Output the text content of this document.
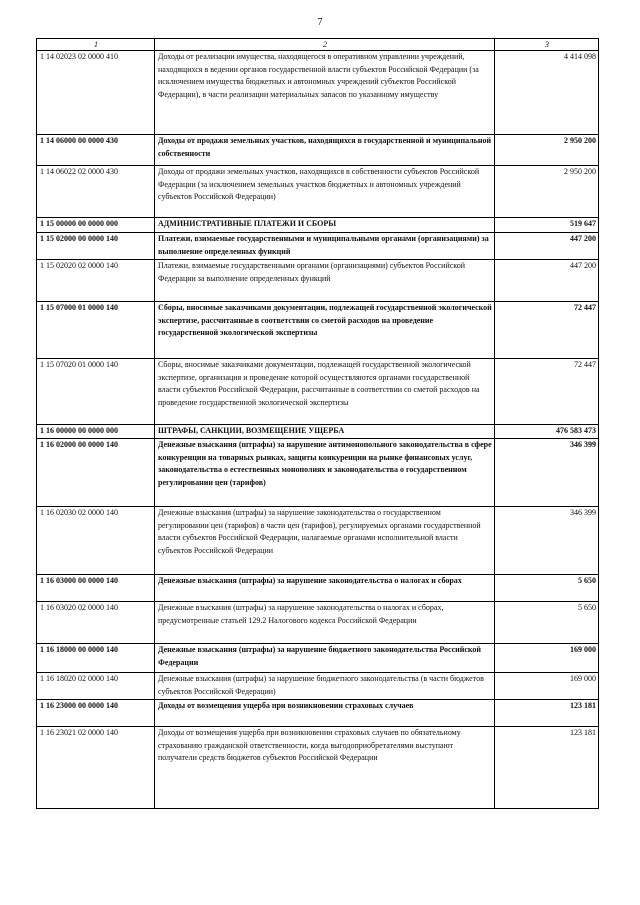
7
1	2	3
1 14 02023 02 0000 410	Доходы от реализации имущества, находящегося в оперативном управлении учреждений, находящихся в ведении органов государственной власти субъектов Российской Федерации (за исключением имущества бюджетных и автономных учреждений субъектов Российской Федерации), в части реализации материальных запасов по указанному имуществу	4 414 098
1 14 06000 00 0000 430	Доходы от продажи земельных участков, находящихся в государственной и муниципальной собственности	2 950 200
1 14 06022 02 0000 430	Доходы от продажи земельных участков, находящихся в собственности субъектов Российской Федерации (за исключением земельных участков бюджетных и автономных учреждений субъектов Российской Федерации)	2 950 200
1 15 00000 00 0000 000	АДМИНИСТРАТИВНЫЕ ПЛАТЕЖИ И СБОРЫ	519 647
1 15 02000 00 0000 140	Платежи, взимаемые государственными и муниципальными органами (организациями) за выполнение определенных функций	447 200
1 15 02020 02 0000 140	Платежи, взимаемые государственными органами (организациями) субъектов Российской Федерации за выполнение определенных функций	447 200
1 15 07000 01 0000 140	Сборы, вносимые заказчиками документации, подлежащей государственной экологической экспертизе, рассчитанные в соответствии со сметой расходов на проведение государственной экологической экспертизы	72 447
1 15 07020 01 0000 140	Сборы, вносимые заказчиками документации, подлежащей государственной экологической экспертизе, организация и проведение которой осуществляются органами государственной власти субъектов Российской Федерации, рассчитанные в соответствии со сметой расходов на проведение государственной экологической экспертизы	72 447
1 16 00000 00 0000 000	ШТРАФЫ, САНКЦИИ, ВОЗМЕЩЕНИЕ УЩЕРБА	476 583 473
1 16 02000 00 0000 140	Денежные взыскания (штрафы) за нарушение антимонопольного законодательства в сфере конкуренции на товарных рынках, защиты конкуренции на рынке финансовых услуг, законодательства о естественных монополиях и законодательства о государственном регулировании цен (тарифов)	346 399
1 16 02030 02 0000 140	Денежные взыскания (штрафы) за нарушение законодательства о государственном регулировании цен (тарифов) в части цен (тарифов), регулируемых органами государственной власти субъектов Российской Федерации, налагаемые органами исполнительной власти субъектов Российской Федерации	346 399
1 16 03000 00 0000 140	Денежные взыскания (штрафы) за нарушение законодательства о налогах и сборах	5 650
1 16 03020 02 0000 140	Денежные взыскания (штрафы) за нарушение законодательства о налогах и сборах, предусмотренные статьей 129.2 Налогового кодекса Российской Федерации	5 650
1 16 18000 00 0000 140	Денежные взыскания (штрафы) за нарушение бюджетного законодательства Российской Федерации	169 000
1 16 18020 02 0000 140	Денежные взыскания (штрафы) за нарушение бюджетного законодательства (в части бюджетов субъектов Российской Федерации)	169 000
1 16 23000 00 0000 140	Доходы от возмещения ущерба при возникновении страховых случаев	123 181
1 16 23021 02 0000 140	Доходы от возмещения ущерба при возникновении страховых случаев по обязательному страхованию гражданской ответственности, когда выгодоприобретателями выступают получатели средств бюджетов субъектов Российской Федерации	123 181
